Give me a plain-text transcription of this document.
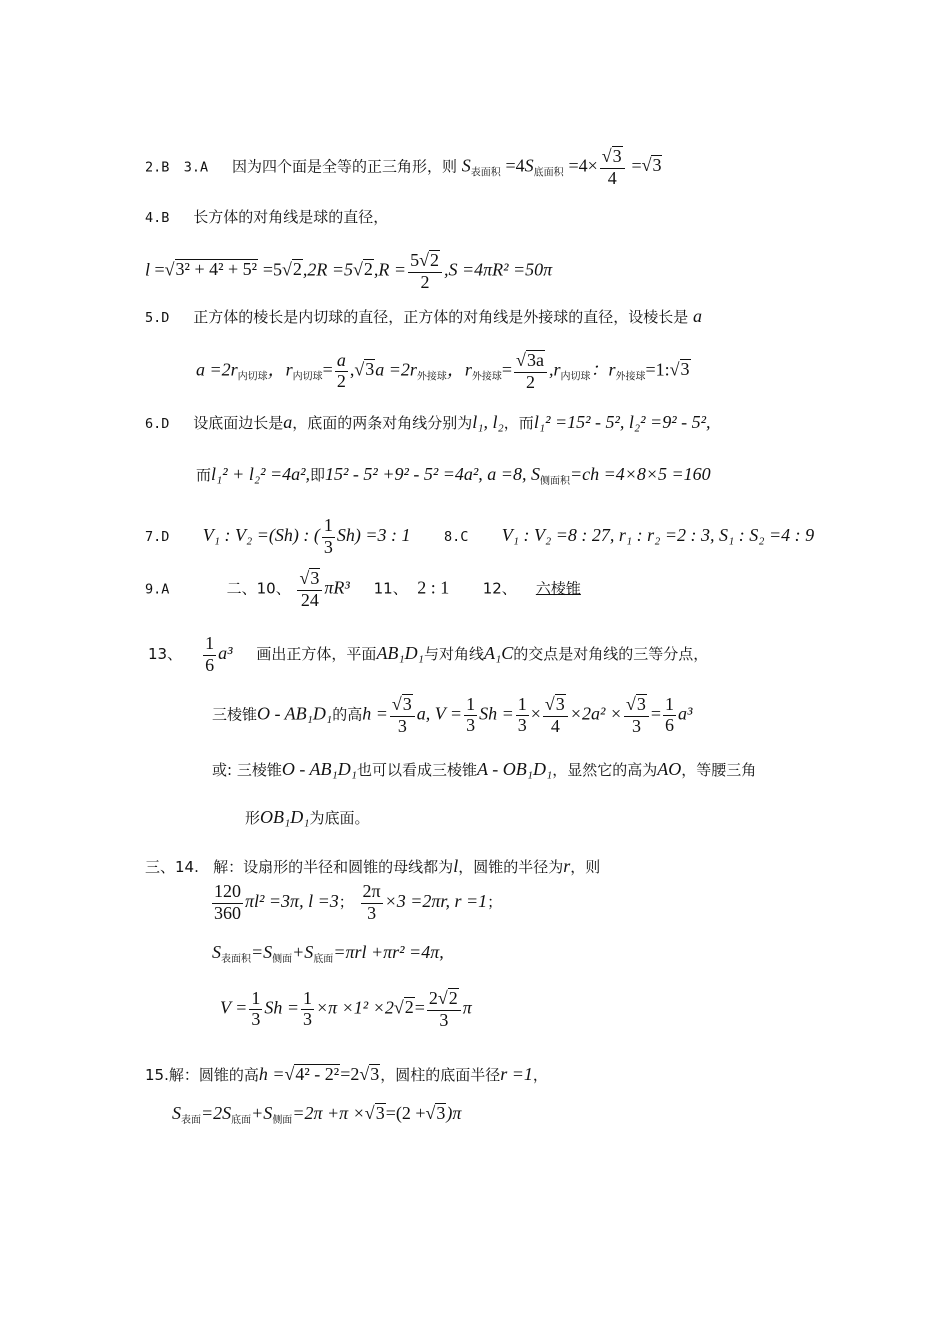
2.B 3.A 因为四个面是全等的正三角形，则 $S_{表面积} =4S_{底面积} =4\times \frac{√3}{4} =√3$
4.B 长方体的对角线是球的直径，
$l =√3^2 + 4^2 + 5^2 =5√2,2R =5√2,R = \frac{5√2}{2} ,S =4\pi R^2 =50\pi$
5.D 正方体的棱长是内切球的直径，正方体的对角线是外接球的直径，设棱长是 a
$a =2r_{内切球}$，$r_{内切球}= \frac{a}{2} ,√3a =2r_{外接球}$，$r_{外接球}= \frac{√3a}{2} ,r_{内切球}$：$r_{外接球}=1:√3$
6.D 设底面边长是a，底面的两条对角线分别为l₁, l₂，而l₁² =15² - 5², l₂² =9² - 5²,
而l₁² + l₂² =4a²,即15² - 5² +9² - 5² =4a², a =8, $S_{侧面积}=ch =4\times 8\times 5 =160$
7.D V₁ : V₂ =(Sh) : ( $\frac{1}{3} Sh) =3$ : 1 8.C V₁ : V₂ =8 : 27, r₁ : r₂ =2 : 3, S₁ : S₂ =4 : 9
9.A	二、10、 $\frac{√3}{24} \pi R^3$ 11、 2 : 1 12、 六棱锥
13、 $\frac{1}{6} a^3$ 画出正方体，平面AB₁D₁与对角线A₁C的交点是对角线的三等分点，
三棱锥O - AB₁D₁的高$h = \frac{√3}{3} a$, $V = \frac{1}{3}$ $Sh = \frac{1}{3} \times \frac{√3}{4} \times 2a^2 \times \frac{√3}{3} = \frac{1}{6} a^3$
或: 三棱锥O - AB₁D₁也可以看成三棱锥A - OB₁D₁，显然它的高为AO，等腰三角
形OB₁D₁为底面。
三、14. 解：设扇形的半径和圆锥的母线都为l，圆锥的半径为r，则
$\frac{120}{360} \pi l^2 =3\pi$, l =3； $\frac{2\pi}{3} \times 3 =2\pi r$, r =1；
$S_{表面积}=S_{侧面}+S_{底面}=\pi rl +\pi r^2 =4\pi$,
$V = \frac{1}{3}$ $Sh = \frac{1}{3} \times\pi \times 1^2 \times 2√2= \frac{2√2}{3}$ π
15.解：圆锥的高h =√4² - 2²=2√3，圆柱的底面半径r =1，
$S_{表面}=2S_{底面}+S_{侧面}=2\pi +\pi \times√3=(2 +√3)\pi$
